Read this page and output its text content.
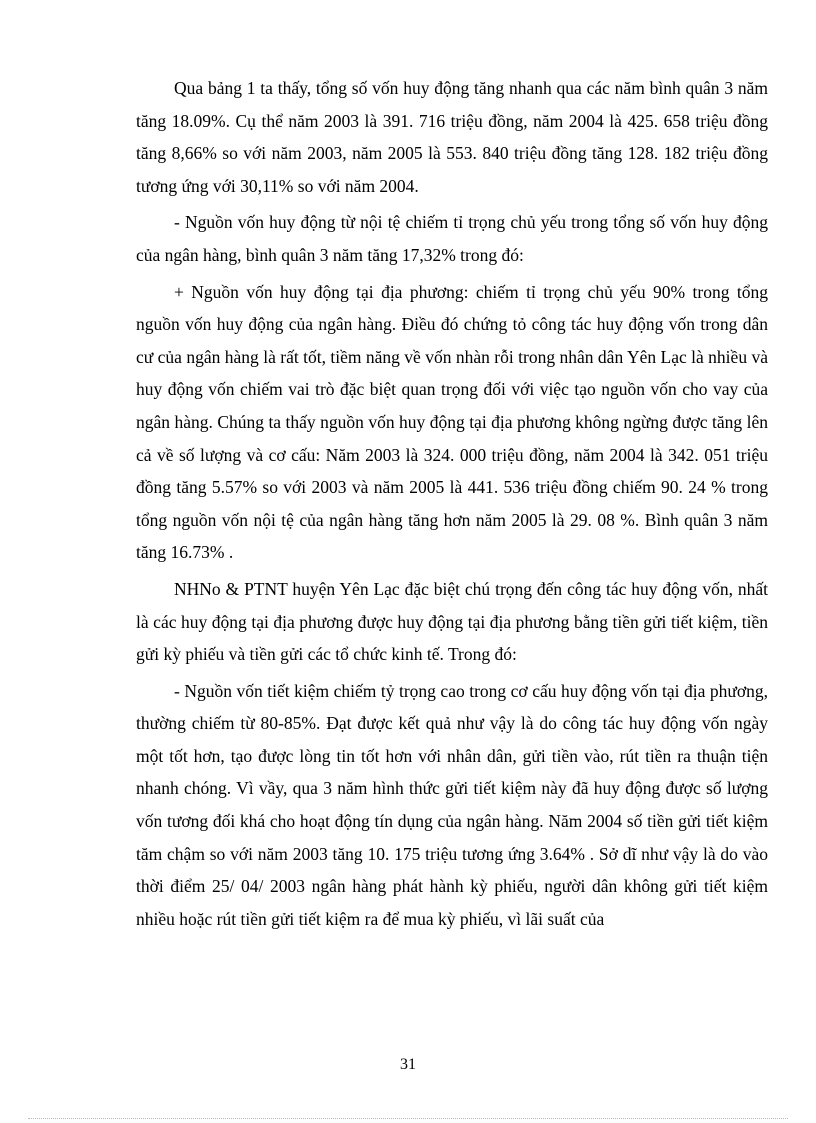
Qua bảng 1 ta thấy, tổng số vốn huy động tăng nhanh qua các năm bình quân 3 năm tăng 18.09%. Cụ thể năm 2003 là 391. 716 triệu đồng, năm 2004 là 425. 658 triệu đồng tăng 8,66% so với năm 2003, năm 2005 là 553. 840 triệu đồng tăng 128. 182 triệu đồng tương ứng với 30,11% so với năm 2004.

- Nguồn vốn huy động từ nội tệ chiếm tỉ trọng chủ yếu trong tổng số vốn huy động của ngân hàng, bình quân 3 năm tăng 17,32% trong đó:

+ Nguồn vốn huy động tại địa phương: chiếm tỉ trọng chủ yếu 90% trong tổng nguồn vốn huy động của ngân hàng. Điều đó chứng tỏ công tác huy động vốn trong dân cư của ngân hàng là rất tốt, tiềm năng về vốn nhàn rỗi trong nhân dân Yên Lạc là nhiều và huy động vốn chiếm vai trò đặc biệt quan trọng đối với việc tạo nguồn vốn cho vay của ngân hàng. Chúng ta thấy nguồn vốn huy động tại địa phương không ngừng được tăng lên cả về số lượng và cơ cấu: Năm 2003 là 324. 000 triệu đồng, năm 2004 là 342. 051 triệu đồng tăng 5.57% so với 2003 và năm 2005 là 441. 536 triệu đồng chiếm 90. 24 % trong tổng nguồn vốn nội tệ của ngân hàng tăng hơn năm 2005 là 29. 08 %. Bình quân 3 năm tăng 16.73% .

NHNo & PTNT huyện Yên Lạc đặc biệt chú trọng đến công tác huy động vốn, nhất là các huy động tại địa phương được huy động tại địa phương bằng tiền gửi tiết kiệm, tiền gửi kỳ phiếu và tiền gửi các tổ chức kinh tế. Trong đó:

- Nguồn vốn tiết kiệm chiếm tỷ trọng cao trong cơ cấu huy động vốn tại địa phương, thường chiếm từ 80-85%. Đạt được kết quả như vậy là do công tác huy động vốn ngày một tốt hơn, tạo được lòng tin tốt hơn với nhân dân, gửi tiền vào, rút tiền ra thuận tiện nhanh chóng. Vì vầy, qua 3 năm hình thức gửi tiết kiệm này đã huy động được số lượng vốn tương đối khá cho hoạt động tín dụng của ngân hàng. Năm 2004 số tiền gửi tiết kiệm tăm chậm so với năm 2003 tăng 10. 175 triệu tương ứng 3.64% . Sở dĩ như vậy là do vào thời điểm 25/ 04/ 2003 ngân hàng phát hành kỳ phiếu, người dân không gửi tiết kiệm nhiều hoặc rút tiền gửi tiết kiệm ra để mua kỳ phiếu, vì lãi suất của

31
